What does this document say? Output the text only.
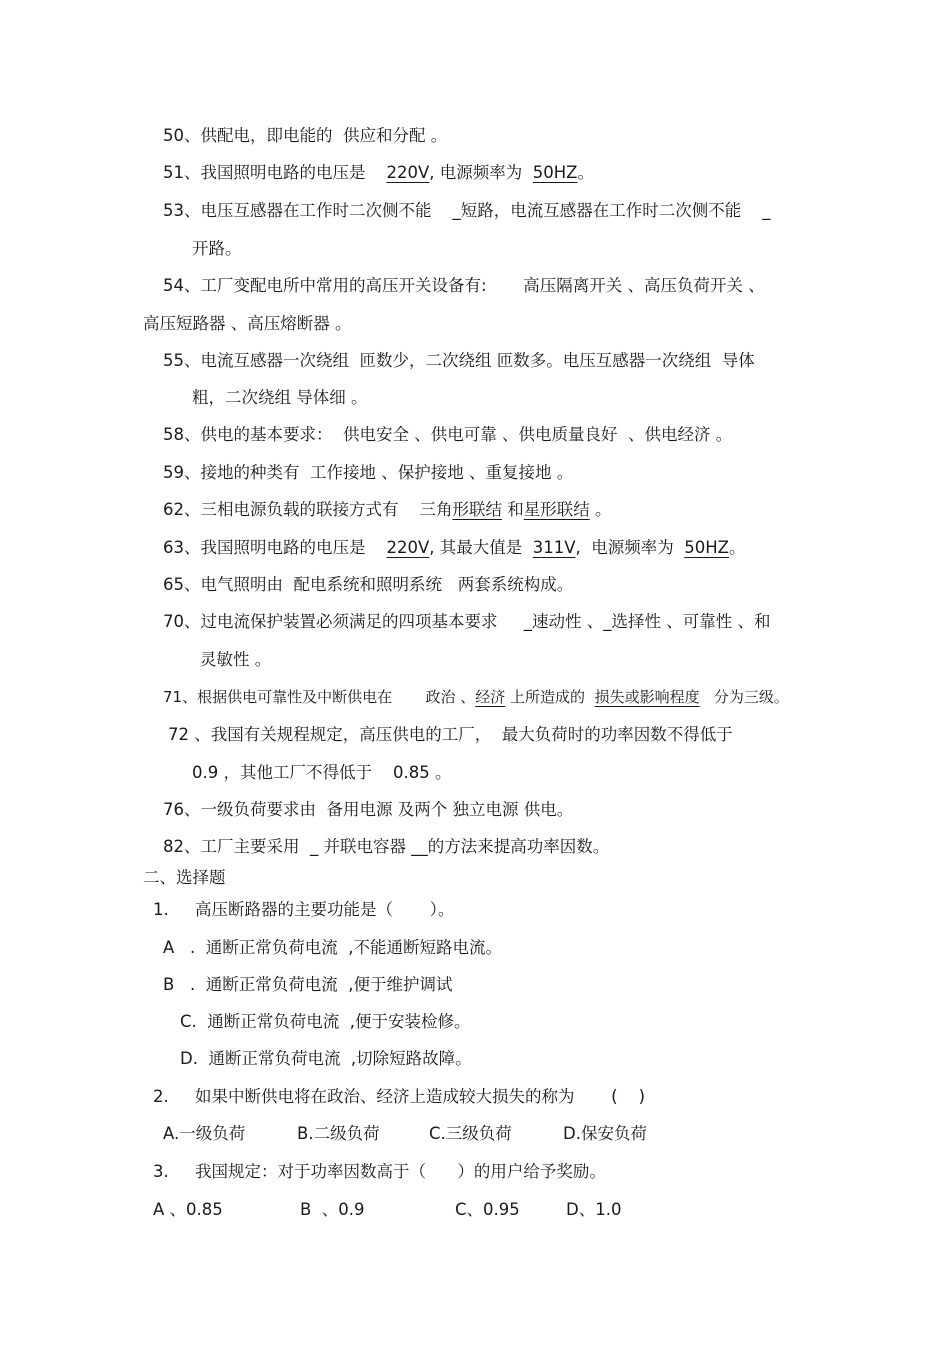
50、供配电，即电能的  供应和分配 。
51、我国照明电路的电压是    220V, 电源频率为  50HZ。
53、电压互感器在工作时二次侧不能    _短路，电流互感器在工作时二次侧不能    _
开路。
54、工厂变配电所中常用的高压开关设备有:       高压隔离开关 、高压负荷开关 、
高压短路器 、高压熔断器 。
55、电流互感器一次绕组  匝数少，二次绕组 匝数多。电压互感器一次绕组  导体
粗，二次绕组 导体细 。
58、供电的基本要求：  供电安全 、供电可靠 、供电质量良好  、供电经济 。
59、接地的种类有  工作接地 、保护接地 、重复接地 。
62、三相电源负载的联接方式有    三角形联结 和星形联结 。
63、我国照明电路的电压是    220V, 其最大值是  311V,  电源频率为  50HZ。
65、电气照明由  配电系统和照明系统   两套系统构成。
70、过电流保护装置必须满足的四项基本要求     _速动性 、_选择性 、可靠性 、和
灵敏性 。
71、根据供电可靠性及中断供电在       政治 、经济 上所造成的  损失或影响程度   分为三级。
72 、我国有关规程规定，高压供电的工厂，  最大负荷时的功率因数不得低于
0.9 ，其他工厂不得低于    0.85 。
76、一级负荷要求由  备用电源 及两个 独立电源 供电。
82、工厂主要采用  _ 并联电容器 __的方法来提高功率因数。
二、选择题
1.     高压断路器的主要功能是（       ）。
A   .  通断正常负荷电流  ,不能通断短路电流。
B   .  通断正常负荷电流  ,便于维护调试
C.  通断正常负荷电流  ,便于安装检修。
D.  通断正常负荷电流  ,切除短路故障。
2.     如果中断供电将在政治、经济上造成较大损失的称为       (    )
A.一级负荷	B.二级负荷	C.三级负荷	D.保安负荷
3.     我国规定：对于功率因数高于（      ）的用户给予奖励。
A 、0.85	B  、0.9	C、0.95	D、1.0
